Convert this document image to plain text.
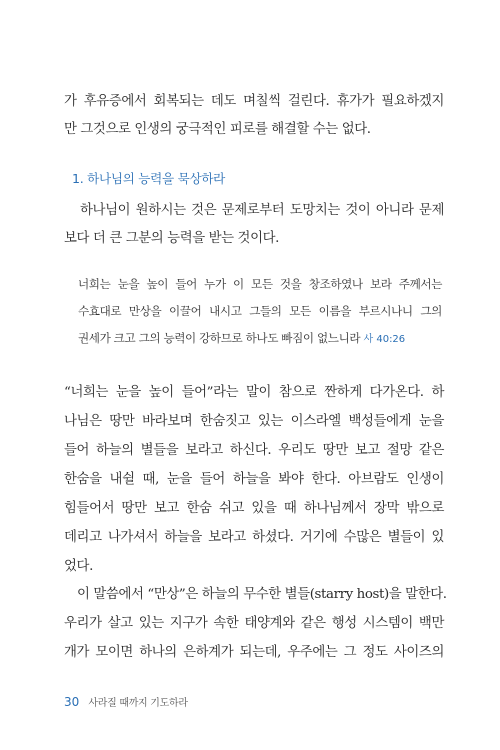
가 후유증에서 회복되는 데도 며칠씩 걸린다. 휴가가 필요하겠지
만 그것으로 인생의 궁극적인 피로를 해결할 수는 없다.
1. 하나님의 능력을 묵상하라
하나님이 원하시는 것은 문제로부터 도망치는 것이 아니라 문제
보다 더 큰 그분의 능력을 받는 것이다.
너희는 눈을 높이 들어 누가 이 모든 것을 창조하였나 보라 주께서는
수효대로 만상을 이끌어 내시고 그들의 모든 이름을 부르시나니 그의
권세가 크고 그의 능력이 강하므로 하나도 빠짐이 없느니라 사 40:26
“너희는 눈을 높이 들어”라는 말이 참으로 짠하게 다가온다. 하
나님은 땅만 바라보며 한숨짓고 있는 이스라엘 백성들에게 눈을
들어 하늘의 별들을 보라고 하신다. 우리도 땅만 보고 절망 같은
한숨을 내쉴 때, 눈을 들어 하늘을 봐야 한다. 아브람도 인생이
힘들어서 땅만 보고 한숨 쉬고 있을 때 하나님께서 장막 밖으로
데리고 나가셔서 하늘을 보라고 하셨다. 거기에 수많은 별들이 있
었다.
이 말씀에서 “만상”은 하늘의 무수한 별들(starry host)을 말한다.
우리가 살고 있는 지구가 속한 태양계와 같은 행성 시스템이 백만
개가 모이면 하나의 은하계가 되는데, 우주에는 그 정도 사이즈의
30 사라질 때까지 기도하라
